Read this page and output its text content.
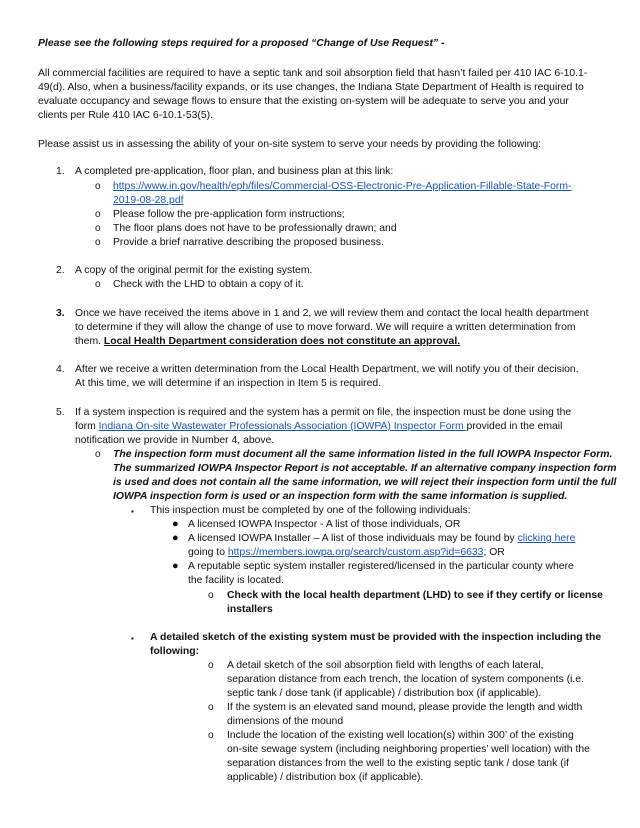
Please see the following steps required for a proposed “Change of Use Request” -
All commercial facilities are required to have a septic tank and soil absorption field that hasn’t failed per 410 IAC 6-10.1-
49(d). Also, when a business/facility expands, or its use changes, the Indiana State Department of Health is required to
evaluate occupancy and sewage flows to ensure that the existing on-system will be adequate to serve you and your
clients per Rule 410 IAC 6-10.1-53(5).
Please assist us in assessing the ability of your on-site system to serve your needs by providing the following:
1. A completed pre-application, floor plan, and business plan at this link:
o https://www.in.gov/health/eph/files/Commercial-OSS-Electronic-Pre-Application-Fillable-State-Form-
2019-08-28.pdf
o Please follow the pre-application form instructions;
o The floor plans does not have to be professionally drawn; and
o Provide a brief narrative describing the proposed business.
2. A copy of the original permit for the existing system.
o Check with the LHD to obtain a copy of it.
3. Once we have received the items above in 1 and 2, we will review them and contact the local health department
to determine if they will allow the change of use to move forward. We will require a written determination from
them. Local Health Department consideration does not constitute an approval.
4. After we receive a written determination from the Local Health Department, we will notify you of their decision.
At this time, we will determine if an inspection in Item 5 is required.
5. If a system inspection is required and the system has a permit on file, the inspection must be done using the
form Indiana On-site Wastewater Professionals Association (IOWPA) Inspector Form provided in the email
notification we provide in Number 4, above.
o The inspection form must document all the same information listed in the full IOWPA Inspector Form.
The summarized IOWPA Inspector Report is not acceptable. If an alternative company inspection form
is used and does not contain all the same information, we will reject their inspection form until the full
IOWPA inspection form is used or an inspection form with the same information is supplied.
▪ This inspection must be completed by one of the following individuals:
● A licensed IOWPA Inspector - A list of those individuals, OR
● A licensed IOWPA Installer – A list of those individuals may be found by clicking here
going to https://members.iowpa.org/search/custom.asp?id=6633; OR
● A reputable septic system installer registered/licensed in the particular county where
the facility is located.
o Check with the local health department (LHD) to see if they certify or license
installers
▪ A detailed sketch of the existing system must be provided with the inspection including the
following:
o A detail sketch of the soil absorption field with lengths of each lateral,
separation distance from each trench, the location of system components (i.e.
septic tank / dose tank (if applicable) / distribution box (if applicable).
o If the system is an elevated sand mound, please provide the length and width
dimensions of the mound
o Include the location of the existing well location(s) within 300’ of the existing
on-site sewage system (including neighboring properties’ well location) with the
separation distances from the well to the existing septic tank / dose tank (if
applicable) / distribution box (if applicable).
